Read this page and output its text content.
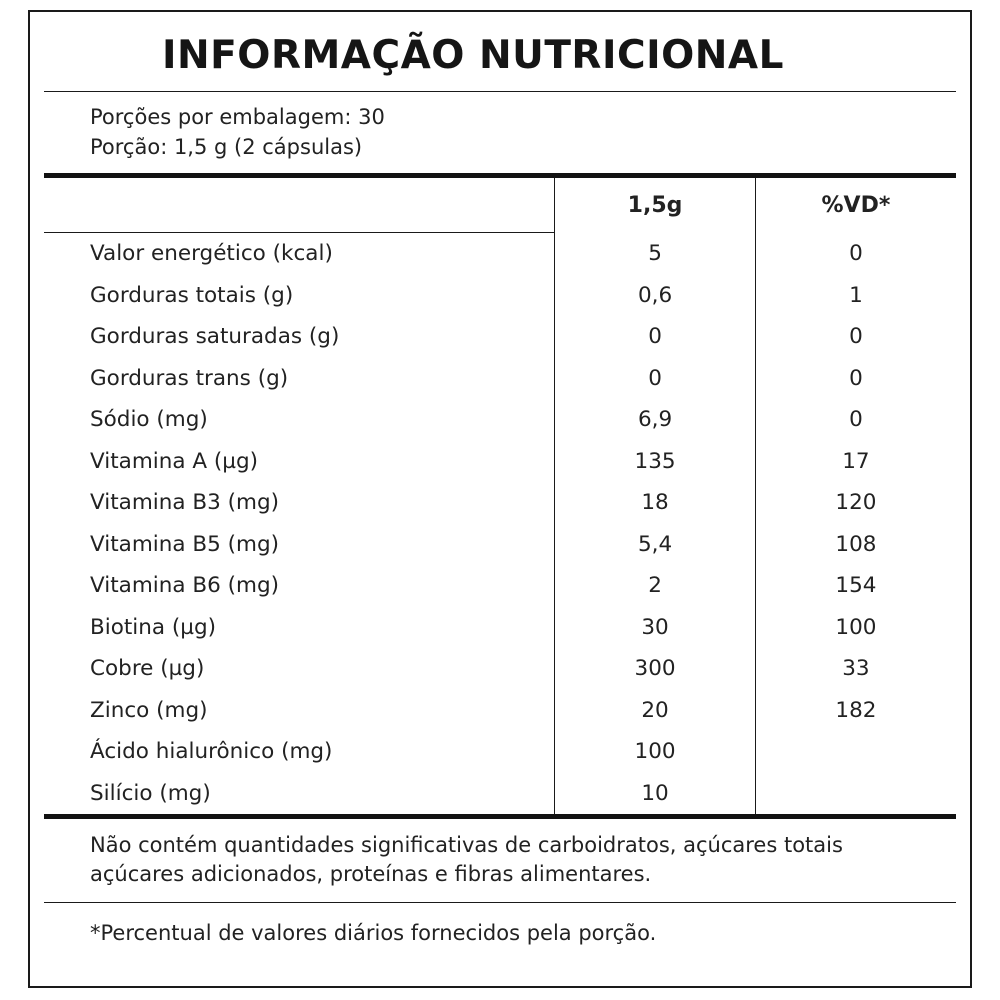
INFORMAÇÃO NUTRICIONAL
Porções por embalagem: 30
Porção: 1,5 g (2 cápsulas)
	1,5g	%VD*
Valor energético (kcal)	5	0
Gorduras totais (g)	0,6	1
Gorduras saturadas (g)	0	0
Gorduras trans (g)	0	0
Sódio (mg)	6,9	0
Vitamina A (µg)	135	17
Vitamina B3 (mg)	18	120
Vitamina B5 (mg)	5,4	108
Vitamina B6 (mg)	2	154
Biotina (µg)	30	100
Cobre (µg)	300	33
Zinco (mg)	20	182
Ácido hialurônico (mg)	100	
Silício (mg)	10	
Não contém quantidades significativas de carboidratos, açúcares totais
açúcares adicionados, proteínas e fibras alimentares.
*Percentual de valores diários fornecidos pela porção.
